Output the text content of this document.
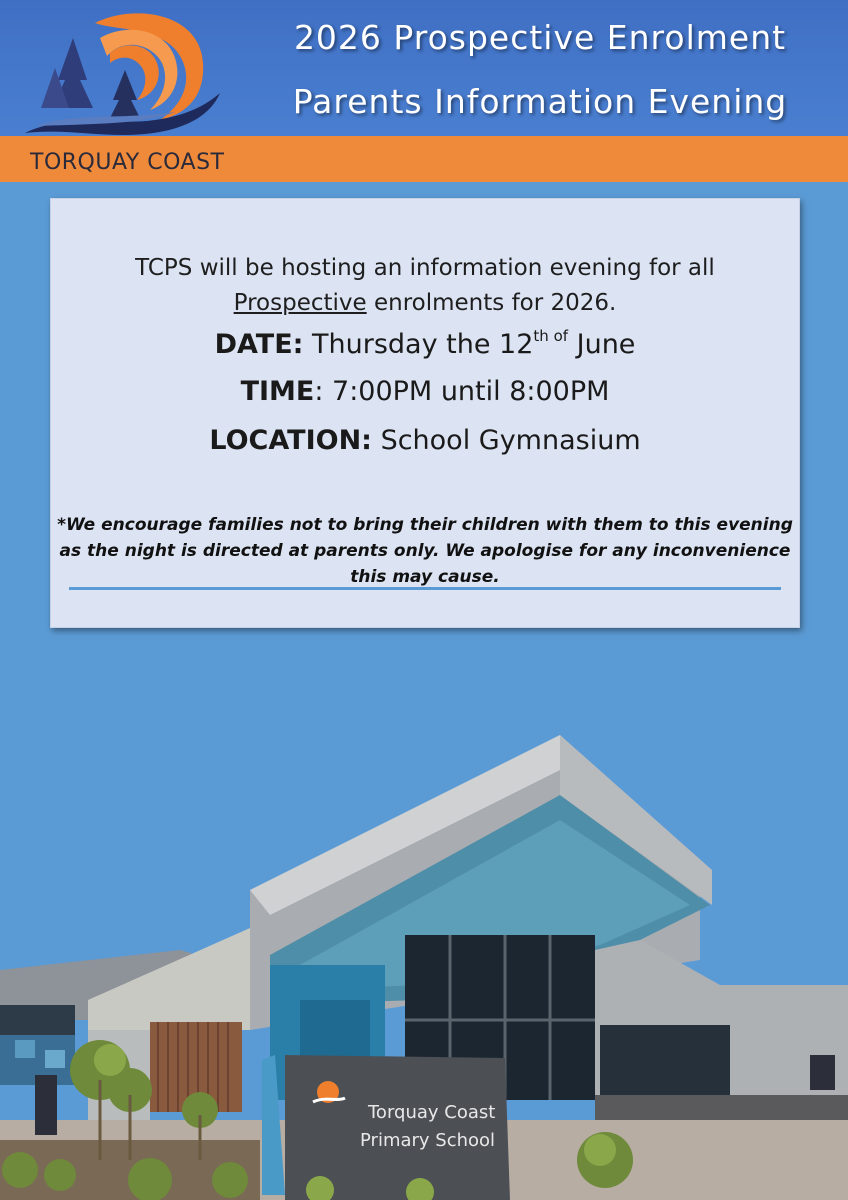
2026 Prospective Enrolment
Parents Information Evening
TORQUAY COAST
TCPS will be hosting an information evening for all
Prospective enrolments for 2026.
DATE: Thursday the $12^{th of}$ June
TIME: 7:00PM until 8:00PM
LOCATION: School Gymnasium
*We encourage families not to bring their children with them to this evening
as the night is directed at parents only. We apologise for any inconvenience
this may cause.
Torquay Coast
Primary School
